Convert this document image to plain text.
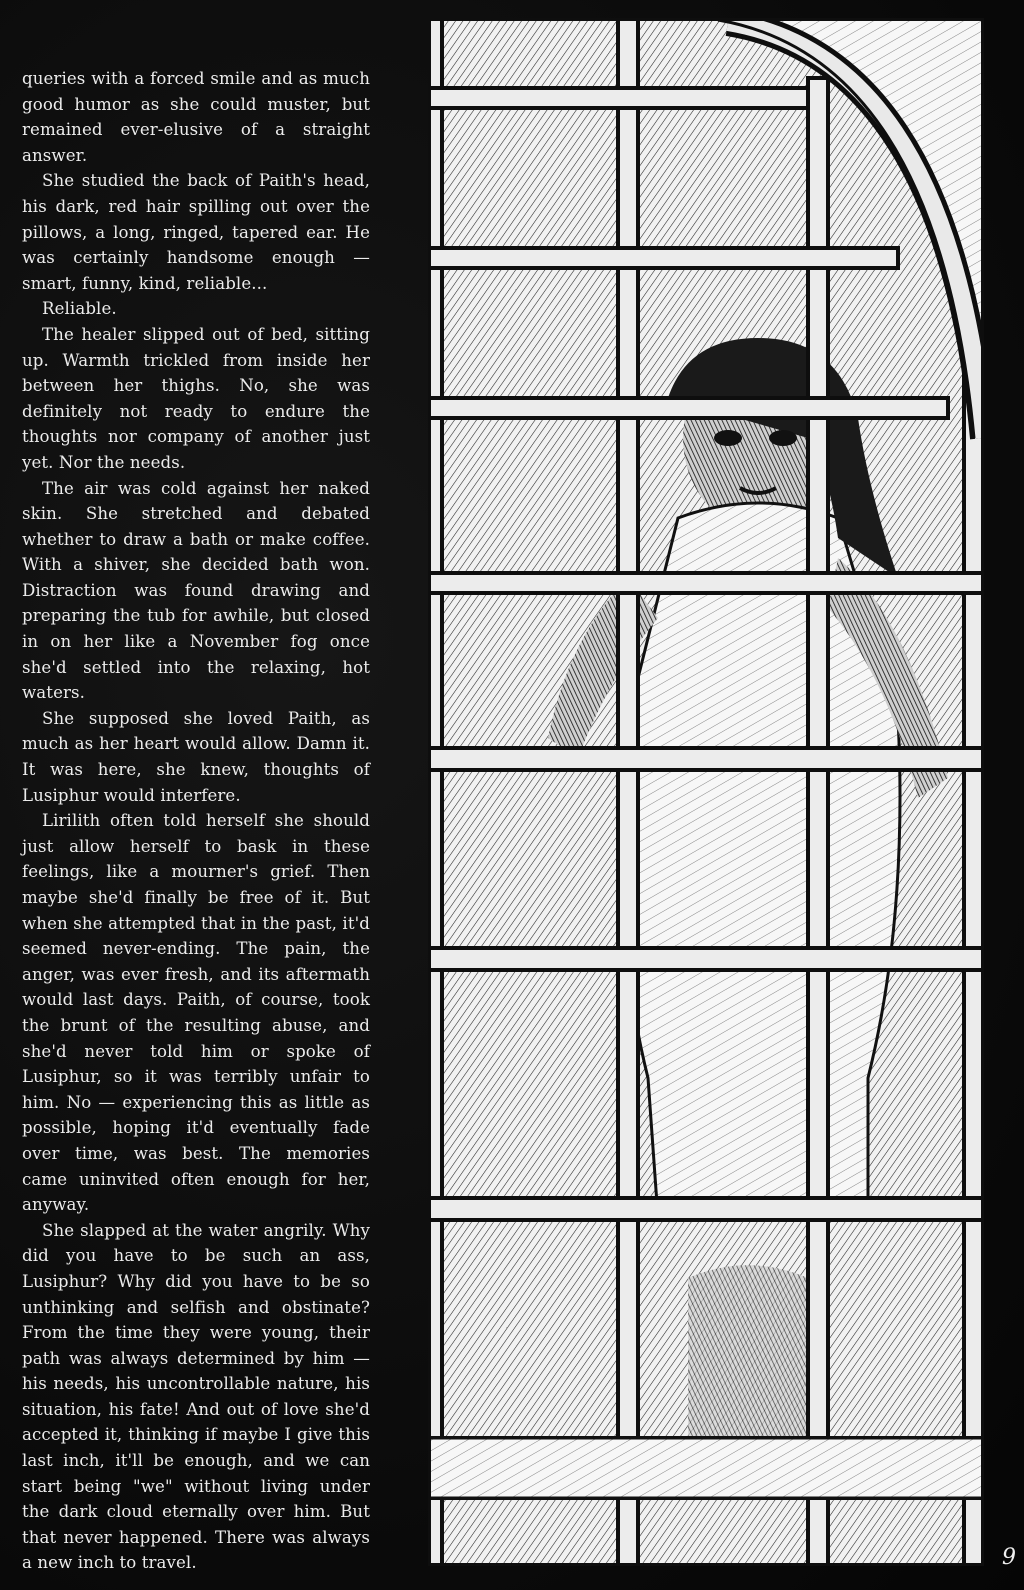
queries with a forced smile and as much good humor as she could muster, but remained ever-elusive of a straight answer.

She studied the back of Paith's head, his dark, red hair spilling out over the pillows, a long, ringed, tapered ear. He was certainly handsome enough — smart, funny, kind, reliable...

Reliable.

The healer slipped out of bed, sitting up. Warmth trickled from inside her between her thighs. No, she was definitely not ready to endure the thoughts nor company of another just yet. Nor the needs.

The air was cold against her naked skin. She stretched and debated whether to draw a bath or make coffee. With a shiver, she decided bath won. Distraction was found drawing and preparing the tub for awhile, but closed in on her like a November fog once she'd settled into the relaxing, hot waters.

She supposed she loved Paith, as much as her heart would allow. Damn it. It was here, she knew, thoughts of Lusiphur would interfere.

Lirilith often told herself she should just allow herself to bask in these feelings, like a mourner's grief. Then maybe she'd finally be free of it. But when she attempted that in the past, it'd seemed never-ending. The pain, the anger, was ever fresh, and its aftermath would last days. Paith, of course, took the brunt of the resulting abuse, and she'd never told him or spoke of Lusiphur, so it was terribly unfair to him. No — experiencing this as little as possible, hoping it'd eventually fade over time, was best. The memories came uninvited often enough for her, anyway.

She slapped at the water angrily. Why did you have to be such an ass, Lusiphur? Why did you have to be so unthinking and selfish and obstinate? From the time they were young, their path was always determined by him — his needs, his uncontrollable nature, his situation, his fate! And out of love she'd accepted it, thinking if maybe I give this last inch, it'll be enough, and we can start being "we" without living under the dark cloud eternally over him. But that never happened. There was always a new inch to travel.	9
